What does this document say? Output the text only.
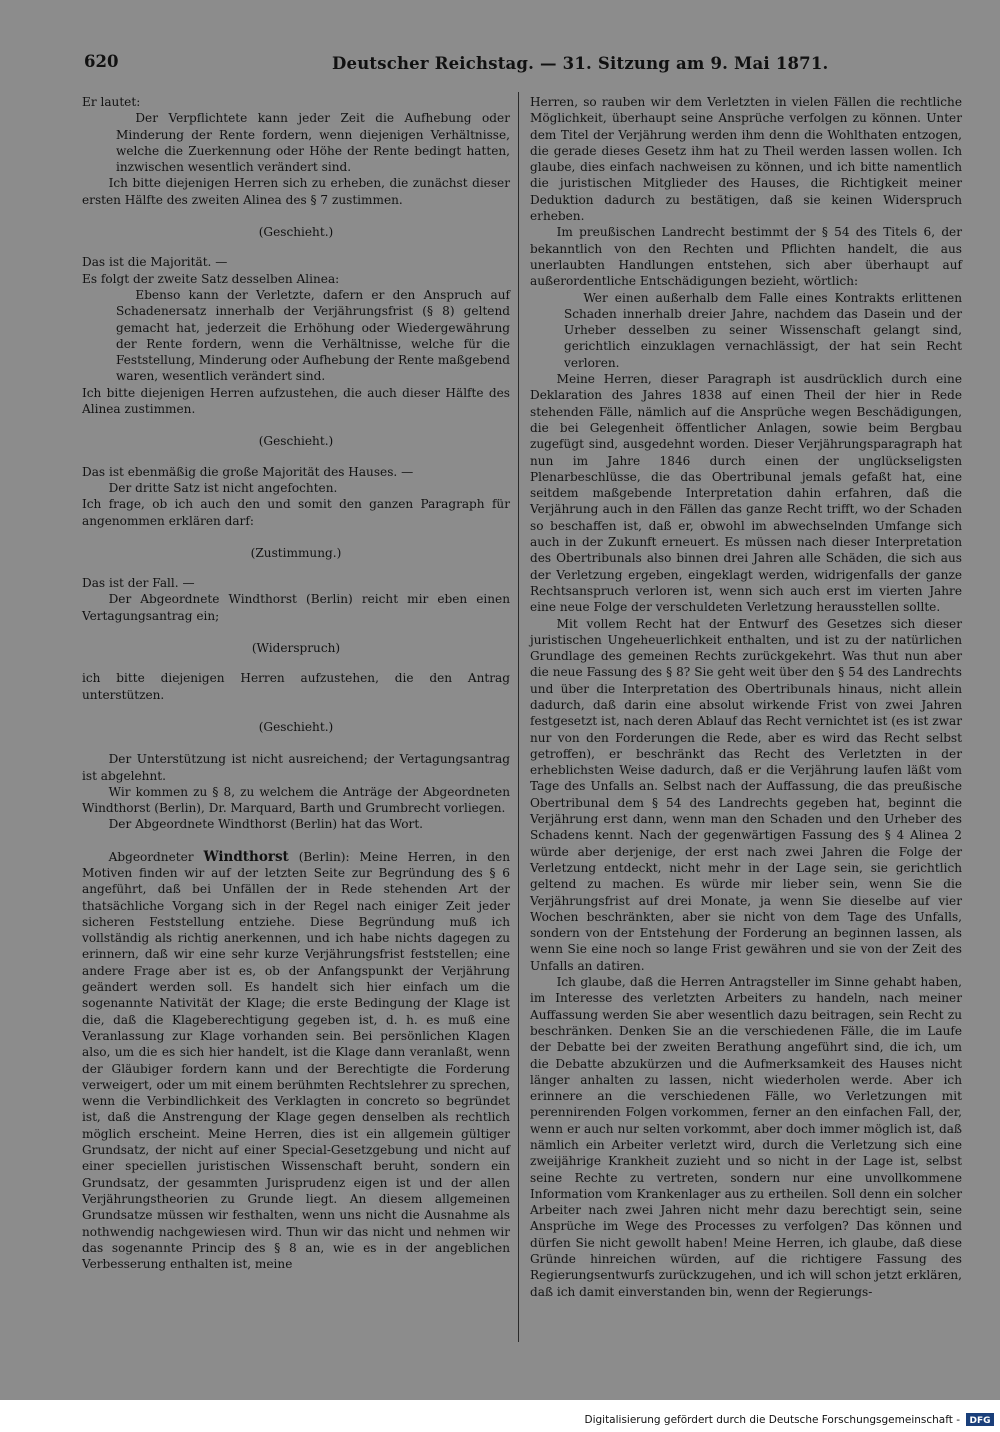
620	Deutscher Reichstag. — 31. Sitzung am 9. Mai 1871.

Er lautet:

Der Verpflichtete kann jeder Zeit die Aufhebung oder Minderung der Rente fordern, wenn diejenigen Verhältnisse, welche die Zuerkennung oder Höhe der Rente bedingt hatten, inzwischen wesentlich verändert sind.

Ich bitte diejenigen Herren sich zu erheben, die zunächst dieser ersten Hälfte des zweiten Alinea des § 7 zustimmen.

(Geschieht.)

Das ist die Majorität. —

Es folgt der zweite Satz desselben Alinea:

Ebenso kann der Verletzte, dafern er den Anspruch auf Schadenersatz innerhalb der Verjährungsfrist (§ 8) geltend gemacht hat, jederzeit die Erhöhung oder Wiedergewährung der Rente fordern, wenn die Verhältnisse, welche für die Feststellung, Minderung oder Aufhebung der Rente maßgebend waren, wesentlich verändert sind.

Ich bitte diejenigen Herren aufzustehen, die auch dieser Hälfte des Alinea zustimmen.

(Geschieht.)

Das ist ebenmäßig die große Majorität des Hauses. —

Der dritte Satz ist nicht angefochten.

Ich frage, ob ich auch den und somit den ganzen Paragraph für angenommen erklären darf:

(Zustimmung.)

Das ist der Fall. —

Der Abgeordnete Windthorst (Berlin) reicht mir eben einen Vertagungsantrag ein;

(Widerspruch)

ich bitte diejenigen Herren aufzustehen, die den Antrag unterstützen.

(Geschieht.)

Der Unterstützung ist nicht ausreichend; der Vertagungsantrag ist abgelehnt.

Wir kommen zu § 8, zu welchem die Anträge der Abgeordneten Windthorst (Berlin), Dr. Marquard, Barth und Grumbrecht vorliegen.

Der Abgeordnete Windthorst (Berlin) hat das Wort.

Abgeordneter Windthorst (Berlin): Meine Herren, in den Motiven finden wir auf der letzten Seite zur Begründung des § 6 angeführt, daß bei Unfällen der in Rede stehenden Art der thatsächliche Vorgang sich in der Regel nach einiger Zeit jeder sicheren Feststellung entziehe. Diese Begründung muß ich vollständig als richtig anerkennen, und ich habe nichts dagegen zu erinnern, daß wir eine sehr kurze Verjährungsfrist feststellen; eine andere Frage aber ist es, ob der Anfangspunkt der Verjährung geändert werden soll. Es handelt sich hier einfach um die sogenannte Nativität der Klage; die erste Bedingung der Klage ist die, daß die Klageberechtigung gegeben ist, d. h. es muß eine Veranlassung zur Klage vorhanden sein. Bei persönlichen Klagen also, um die es sich hier handelt, ist die Klage dann veranlaßt, wenn der Gläubiger fordern kann und der Berechtigte die Forderung verweigert, oder um mit einem berühmten Rechtslehrer zu sprechen, wenn die Verbindlichkeit des Verklagten in concreto so begründet ist, daß die Anstrengung der Klage gegen denselben als rechtlich möglich erscheint. Meine Herren, dies ist ein allgemein gültiger Grundsatz, der nicht auf einer Special-Gesetzgebung und nicht auf einer speciellen juristischen Wissenschaft beruht, sondern ein Grundsatz, der gesammten Jurisprudenz eigen ist und der allen Verjährungstheorien zu Grunde liegt. An diesem allgemeinen Grundsatze müssen wir festhalten, wenn uns nicht die Ausnahme als nothwendig nachgewiesen wird. Thun wir das nicht und nehmen wir das sogenannte Princip des § 8 an, wie es in der angeblichen Verbesserung enthalten ist, meine

Herren, so rauben wir dem Verletzten in vielen Fällen die rechtliche Möglichkeit, überhaupt seine Ansprüche verfolgen zu können. Unter dem Titel der Verjährung werden ihm denn die Wohlthaten entzogen, die gerade dieses Gesetz ihm hat zu Theil werden lassen wollen. Ich glaube, dies einfach nachweisen zu können, und ich bitte namentlich die juristischen Mitglieder des Hauses, die Richtigkeit meiner Deduktion dadurch zu bestätigen, daß sie keinen Widerspruch erheben.

Im preußischen Landrecht bestimmt der § 54 des Titels 6, der bekanntlich von den Rechten und Pflichten handelt, die aus unerlaubten Handlungen entstehen, sich aber überhaupt auf außerordentliche Entschädigungen bezieht, wörtlich:

Wer einen außerhalb dem Falle eines Kontrakts erlittenen Schaden innerhalb dreier Jahre, nachdem das Dasein und der Urheber desselben zu seiner Wissenschaft gelangt sind, gerichtlich einzuklagen vernachlässigt, der hat sein Recht verloren.

Meine Herren, dieser Paragraph ist ausdrücklich durch eine Deklaration des Jahres 1838 auf einen Theil der hier in Rede stehenden Fälle, nämlich auf die Ansprüche wegen Beschädigungen, die bei Gelegenheit öffentlicher Anlagen, sowie beim Bergbau zugefügt sind, ausgedehnt worden. Dieser Verjährungsparagraph hat nun im Jahre 1846 durch einen der unglückseligsten Plenarbeschlüsse, die das Obertribunal jemals gefaßt hat, eine seitdem maßgebende Interpretation dahin erfahren, daß die Verjährung auch in den Fällen das ganze Recht trifft, wo der Schaden so beschaffen ist, daß er, obwohl im abwechselnden Umfange sich auch in der Zukunft erneuert. Es müssen nach dieser Interpretation des Obertribunals also binnen drei Jahren alle Schäden, die sich aus der Verletzung ergeben, eingeklagt werden, widrigenfalls der ganze Rechtsanspruch verloren ist, wenn sich auch erst im vierten Jahre eine neue Folge der verschuldeten Verletzung herausstellen sollte.

Mit vollem Recht hat der Entwurf des Gesetzes sich dieser juristischen Ungeheuerlichkeit enthalten, und ist zu der natürlichen Grundlage des gemeinen Rechts zurückgekehrt. Was thut nun aber die neue Fassung des § 8? Sie geht weit über den § 54 des Landrechts und über die Interpretation des Obertribunals hinaus, nicht allein dadurch, daß darin eine absolut wirkende Frist von zwei Jahren festgesetzt ist, nach deren Ablauf das Recht vernichtet ist (es ist zwar nur von den Forderungen die Rede, aber es wird das Recht selbst getroffen), er beschränkt das Recht des Verletzten in der erheblichsten Weise dadurch, daß er die Verjährung laufen läßt vom Tage des Unfalls an. Selbst nach der Auffassung, die das preußische Obertribunal dem § 54 des Landrechts gegeben hat, beginnt die Verjährung erst dann, wenn man den Schaden und den Urheber des Schadens kennt. Nach der gegenwärtigen Fassung des § 4 Alinea 2 würde aber derjenige, der erst nach zwei Jahren die Folge der Verletzung entdeckt, nicht mehr in der Lage sein, sie gerichtlich geltend zu machen. Es würde mir lieber sein, wenn Sie die Verjährungsfrist auf drei Monate, ja wenn Sie dieselbe auf vier Wochen beschränkten, aber sie nicht von dem Tage des Unfalls, sondern von der Entstehung der Forderung an beginnen lassen, als wenn Sie eine noch so lange Frist gewähren und sie von der Zeit des Unfalls an datiren.

Ich glaube, daß die Herren Antragsteller im Sinne gehabt haben, im Interesse des verletzten Arbeiters zu handeln, nach meiner Auffassung werden Sie aber wesentlich dazu beitragen, sein Recht zu beschränken. Denken Sie an die verschiedenen Fälle, die im Laufe der Debatte bei der zweiten Berathung angeführt sind, die ich, um die Debatte abzukürzen und die Aufmerksamkeit des Hauses nicht länger anhalten zu lassen, nicht wiederholen werde. Aber ich erinnere an die verschiedenen Fälle, wo Verletzungen mit perennirenden Folgen vorkommen, ferner an den einfachen Fall, der, wenn er auch nur selten vorkommt, aber doch immer möglich ist, daß nämlich ein Arbeiter verletzt wird, durch die Verletzung sich eine zweijährige Krankheit zuzieht und so nicht in der Lage ist, selbst seine Rechte zu vertreten, sondern nur eine unvollkommene Information vom Krankenlager aus zu ertheilen. Soll denn ein solcher Arbeiter nach zwei Jahren nicht mehr dazu berechtigt sein, seine Ansprüche im Wege des Processes zu verfolgen? Das können und dürfen Sie nicht gewollt haben! Meine Herren, ich glaube, daß diese Gründe hinreichen würden, auf die richtigere Fassung des Regierungsentwurfs zurückzugehen, und ich will schon jetzt erklären, daß ich damit einverstanden bin, wenn der Regierungs-

Digitalisierung gefördert durch die Deutsche Forschungsgemeinschaft - DFG
